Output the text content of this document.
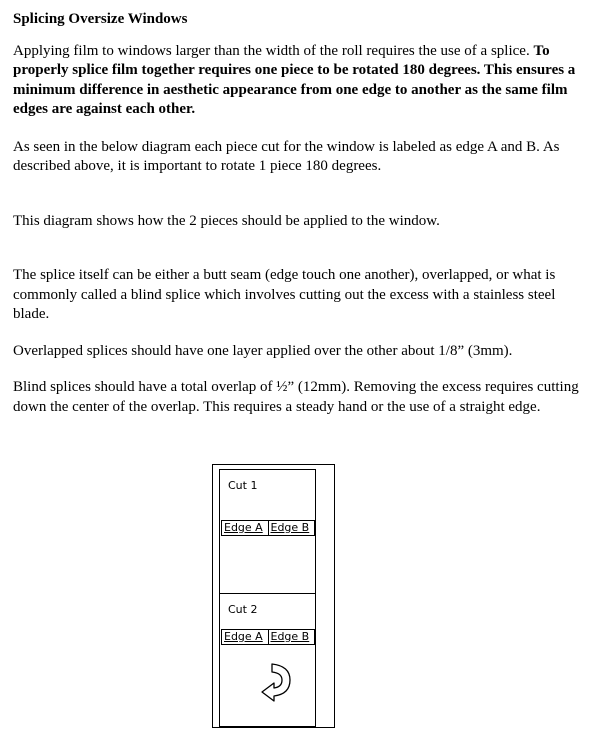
Splicing Oversize Windows

Applying film to windows larger than the width of the roll requires the use of a splice. To properly splice film together requires one piece to be rotated 180 degrees. This ensures a minimum difference in aesthetic appearance from one edge to another as the same film edges are against each other.

As seen in the below diagram each piece cut for the window is labeled as edge A and B. As described above, it is important to rotate 1 piece 180 degrees.

This diagram shows how the 2 pieces should be applied to the window.

The splice itself can be either a butt seam (edge touch one another), overlapped, or what is commonly called a blind splice which involves cutting out the excess with a stainless steel blade.

Overlapped splices should have one layer applied over the other about 1/8” (3mm).

Blind splices should have a total overlap of ½” (12mm). Removing the excess requires cutting down the center of the overlap. This requires a steady hand or the use of a straight edge.

Cut 1
Edge A Edge B
Cut 2
Edge A Edge B
